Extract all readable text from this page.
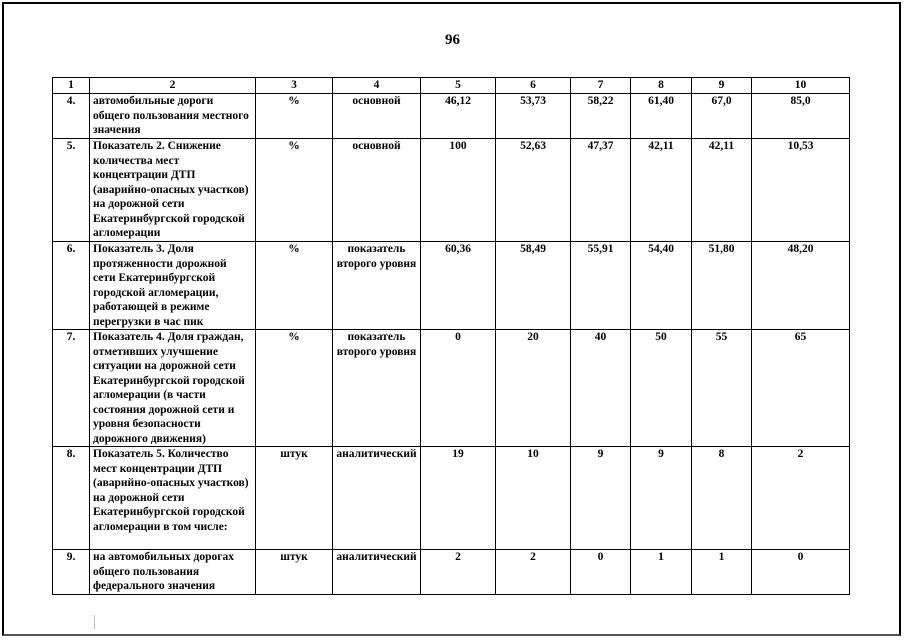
96
1	2	3	4	5	6	7	8	9	10
4.	автомобильные дороги общего пользования местного значения	%	основной	46,12	53,73	58,22	61,40	67,0	85,0
5.	Показатель 2. Снижение количества мест концентрации ДТП (аварийно-опасных участков) на дорожной сети Екатеринбургской городской агломерации	%	основной	100	52,63	47,37	42,11	42,11	10,53
6.	Показатель 3. Доля протяженности дорожной сети Екатеринбургской городской агломерации, работающей в режиме перегрузки в час пик	%	показатель второго уровня	60,36	58,49	55,91	54,40	51,80	48,20
7.	Показатель 4. Доля граждан, отметивших улучшение ситуации на дорожной сети Екатеринбургской городской агломерации (в части состояния дорожной сети и уровня безопасности дорожного движения)	%	показатель второго уровня	0	20	40	50	55	65
8.	Показатель 5. Количество мест концентрации ДТП (аварийно-опасных участков) на дорожной сети Екатеринбургской городской агломерации в том числе:	штук	аналитический	19	10	9	9	8	2
9.	на автомобильных дорогах общего пользования федерального значения	штук	аналитический	2	2	0	1	1	0
